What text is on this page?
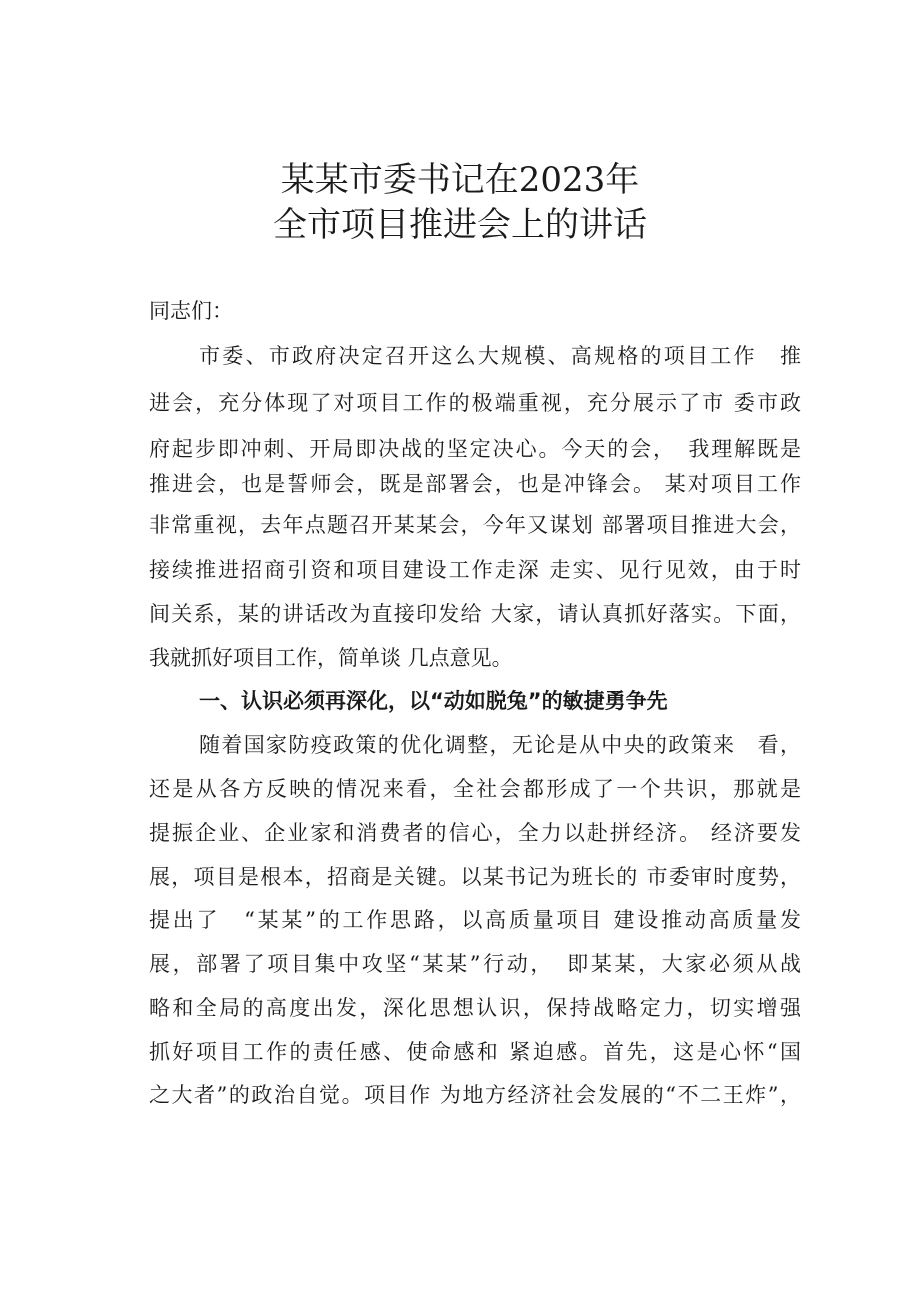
某某市委书记在2023年
全市项目推进会上的讲话
同志们：
市委、市政府决定召开这么大规模、高规格的项目工作　推
进会，充分体现了对项目工作的极端重视，充分展示了市 委市政
府起步即冲刺、开局即决战的坚定决心。今天的会，　我理解既是
推进会，也是誓师会，既是部署会，也是冲锋会。 某对项目工作
非常重视，去年点题召开某某会，今年又谋划 部署项目推进大会，
接续推进招商引资和项目建设工作走深 走实、见行见效，由于时
间关系，某的讲话改为直接印发给 大家，请认真抓好落实。下面，
我就抓好项目工作，简单谈 几点意见。
一、认识必须再深化，以“动如脱兔”的敏捷勇争先
随着国家防疫政策的优化调整，无论是从中央的政策来　看，
还是从各方反映的情况来看，全社会都形成了一个共识，那就是
提振企业、企业家和消费者的信心，全力以赴拼经济。 经济要发
展，项目是根本，招商是关键。以某书记为班长的 市委审时度势，
提出了　“某某”的工作思路，以高质量项目 建设推动高质量发
展，部署了项目集中攻坚“某某”行动，　即某某，大家必须从战
略和全局的高度出发，深化思想认识，保持战略定力，切实增强
抓好项目工作的责任感、使命感和 紧迫感。首先，这是心怀“国
之大者”的政治自觉。项目作 为地方经济社会发展的“不二王炸”，
